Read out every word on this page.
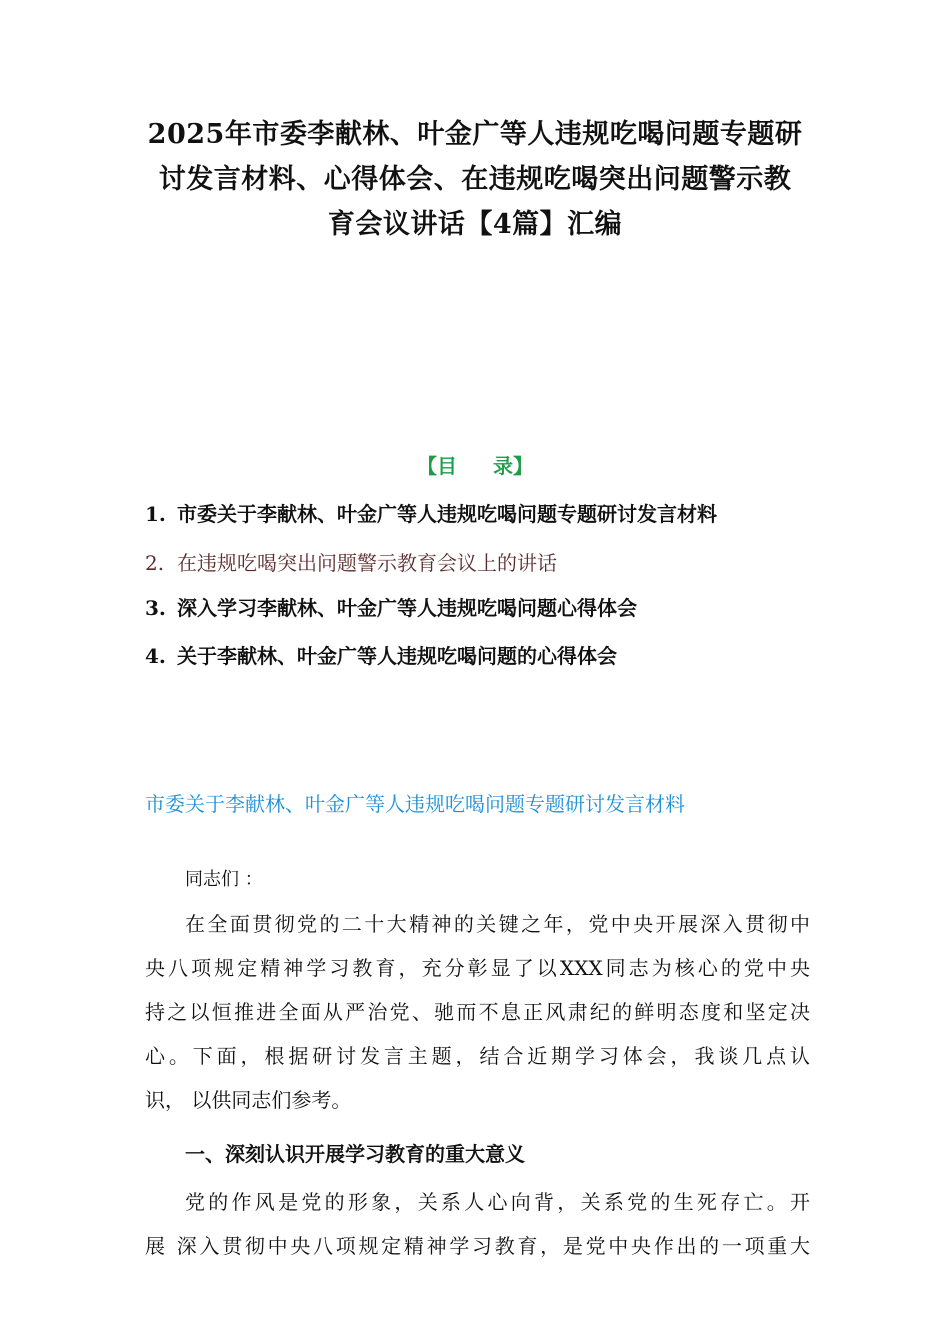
2025年市委李献林、叶金广等人违规吃喝问题专题研
讨发言材料、心得体会、在违规吃喝突出问题警示教
育会议讲话【4篇】汇编
【目 录】
1. 市委关于李献林、叶金广等人违规吃喝问题专题研讨发言材料
2. 在违规吃喝突出问题警示教育会议上的讲话
3. 深入学习李献林、叶金广等人违规吃喝问题心得体会
4. 关于李献林、叶金广等人违规吃喝问题的心得体会
市委关于李献林、叶金广等人违规吃喝问题专题研讨发言材料
同志们 ：
在全面贯彻党的二十大精神的关键之年，党中央开展深入贯彻中
央八项规定精神学习教育，充分彰显了以XXX同志为核心的党中央
持之以恒推进全面从严治党、驰而不息正风肃纪的鲜明态度和坚定决
心。下面，根据研讨发言主题，结合近期学习体会，我谈几点认
识， 以供同志们参考。
一、深刻认识开展学习教育的重大意义
党的作风是党的形象，关系人心向背，关系党的生死存亡。开
展 深入贯彻中央八项规定精神学习教育，是党中央作出的一项重大
